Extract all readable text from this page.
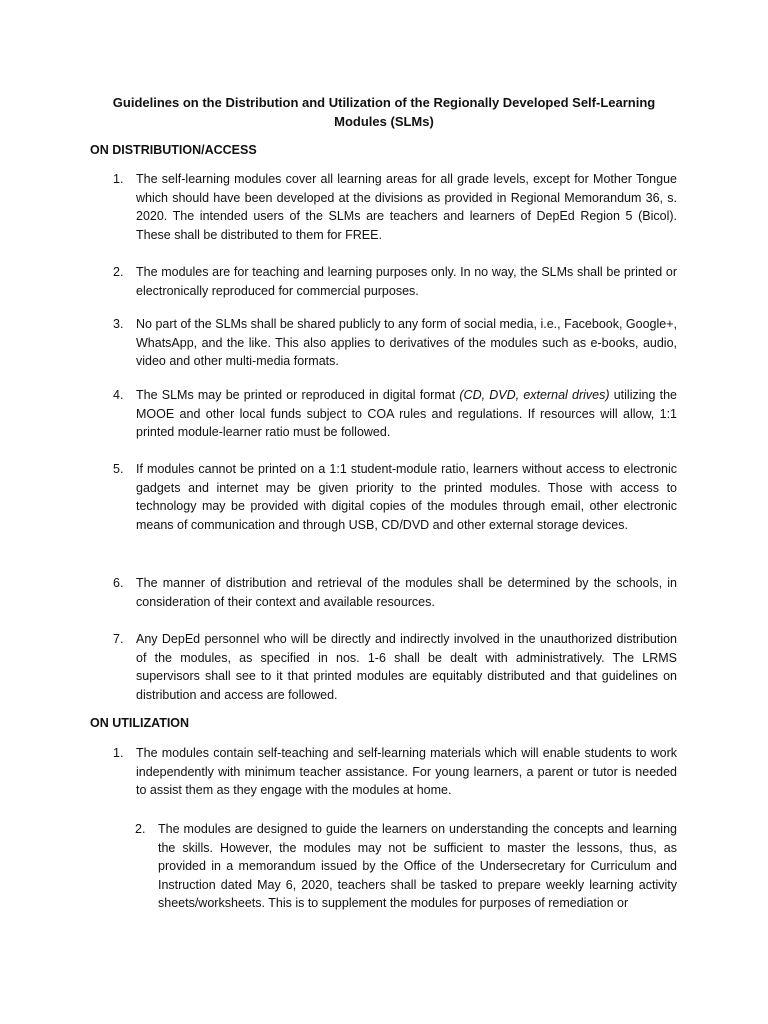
Guidelines on the Distribution and Utilization of the Regionally Developed Self-Learning Modules (SLMs)
ON DISTRIBUTION/ACCESS
1. The self-learning modules cover all learning areas for all grade levels, except for Mother Tongue which should have been developed at the divisions as provided in Regional Memorandum 36, s. 2020. The intended users of the SLMs are teachers and learners of DepEd Region 5 (Bicol). These shall be distributed to them for FREE.
2. The modules are for teaching and learning purposes only. In no way, the SLMs shall be printed or electronically reproduced for commercial purposes.
3. No part of the SLMs shall be shared publicly to any form of social media, i.e., Facebook, Google+, WhatsApp, and the like. This also applies to derivatives of the modules such as e-books, audio, video and other multi-media formats.
4. The SLMs may be printed or reproduced in digital format (CD, DVD, external drives) utilizing the MOOE and other local funds subject to COA rules and regulations. If resources will allow, 1:1 printed module-learner ratio must be followed.
5. If modules cannot be printed on a 1:1 student-module ratio, learners without access to electronic gadgets and internet may be given priority to the printed modules. Those with access to technology may be provided with digital copies of the modules through email, other electronic means of communication and through USB, CD/DVD and other external storage devices.
6. The manner of distribution and retrieval of the modules shall be determined by the schools, in consideration of their context and available resources.
7. Any DepEd personnel who will be directly and indirectly involved in the unauthorized distribution of the modules, as specified in nos. 1-6 shall be dealt with administratively. The LRMS supervisors shall see to it that printed modules are equitably distributed and that guidelines on distribution and access are followed.
ON UTILIZATION
1. The modules contain self-teaching and self-learning materials which will enable students to work independently with minimum teacher assistance. For young learners, a parent or tutor is needed to assist them as they engage with the modules at home.
2. The modules are designed to guide the learners on understanding the concepts and learning the skills. However, the modules may not be sufficient to master the lessons, thus, as provided in a memorandum issued by the Office of the Undersecretary for Curriculum and Instruction dated May 6, 2020, teachers shall be tasked to prepare weekly learning activity sheets/worksheets. This is to supplement the modules for purposes of remediation or
